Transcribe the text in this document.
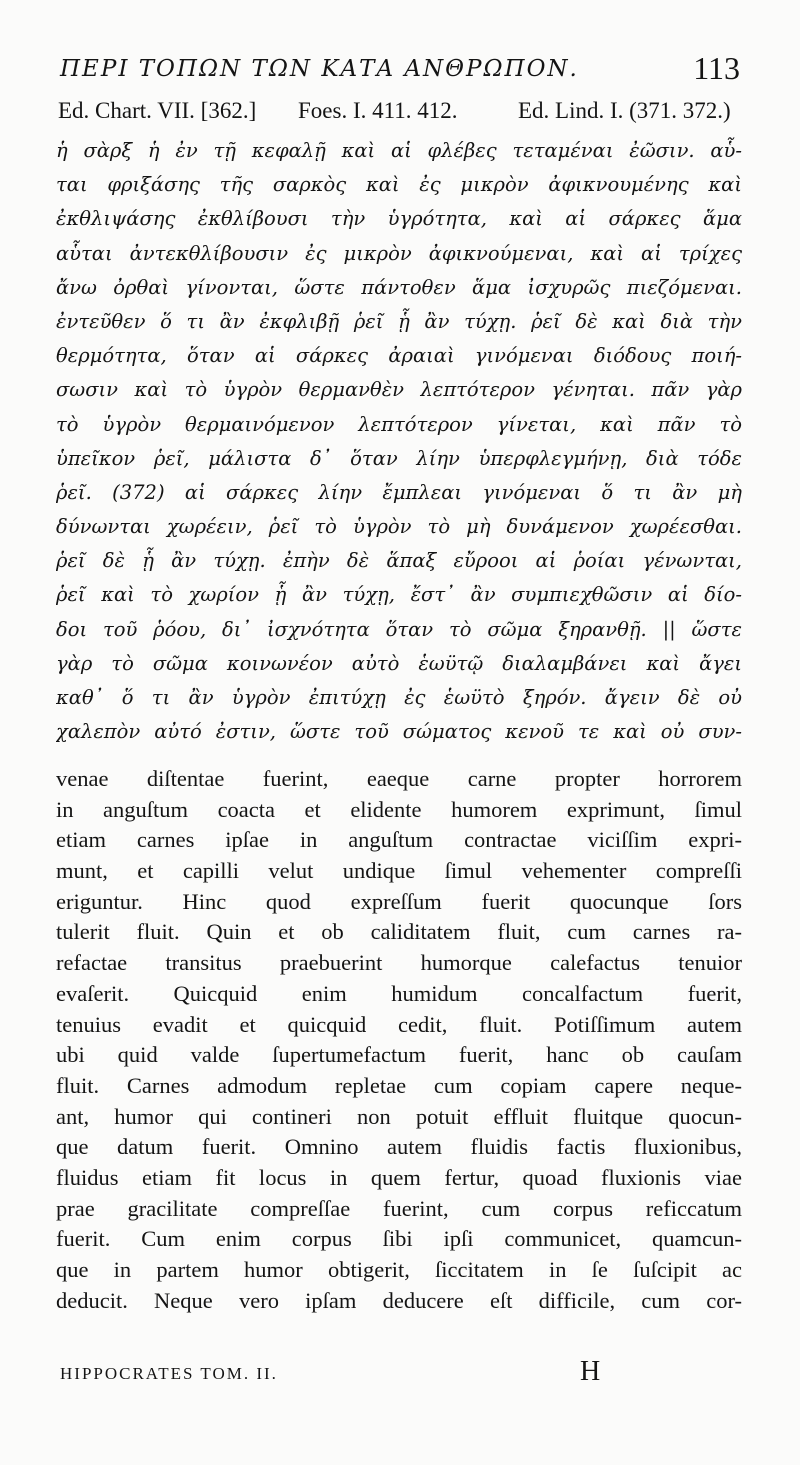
ΠΕΡΙ ΤΟΠΩΝ ΤΩΝ ΚΑΤΑ ΑΝΘΡΩΠΟΝ.	113
Ed. Chart. VII. [362.] Foes. I. 411. 412.	Ed. Lind. I. (371. 372.)
ἡ σὰρξ ἡ ἐν τῇ κεφαλῇ καὶ αἱ φλέβες τεταμέναι ἐῶσιν. αὗ-
ται φριξάσης τῆς σαρκὸς καὶ ἐς μικρὸν ἀφικνουμένης καὶ
ἐκθλιψάσης ἐκθλίβουσι τὴν ὑγρότητα, καὶ αἱ σάρκες ἅμα
αὗται ἀντεκθλίβουσιν ἐς μικρὸν ἀφικνούμεναι, καὶ αἱ τρίχες
ἄνω ὀρθαὶ γίνονται, ὥστε πάντοθεν ἅμα ἰσχυρῶς πιεζόμεναι.
ἐντεῦθεν ὅ τι ἂν ἐκφλιβῇ ῥεῖ ᾗ ἂν τύχῃ. ῥεῖ δὲ καὶ διὰ τὴν
θερμότητα, ὅταν αἱ σάρκες ἀραιαὶ γινόμεναι διόδους ποιή-
σωσιν καὶ τὸ ὑγρὸν θερμανθὲν λεπτότερον γένηται. πᾶν γὰρ
τὸ ὑγρὸν θερμαινόμενον λεπτότερον γίνεται, καὶ πᾶν τὸ
ὑπεῖκον ῥεῖ, μάλιστα δ᾽ ὅταν λίην ὑπερφλεγμήνῃ, διὰ τόδε
ῥεῖ. (372) αἱ σάρκες λίην ἔμπλεαι γινόμεναι ὅ τι ἂν μὴ
δύνωνται χωρέειν, ῥεῖ τὸ ὑγρὸν τὸ μὴ δυνάμενον χωρέεσθαι.
ῥεῖ δὲ ᾗ ἂν τύχῃ. ἐπὴν δὲ ἅπαξ εὔροοι αἱ ῥοίαι γένωνται,
ῥεῖ καὶ τὸ χωρίον ᾗ ἂν τύχῃ, ἔστ᾽ ἂν συμπιεχθῶσιν αἱ δίο-
δοι τοῦ ῥόου, δι᾽ ἰσχνότητα ὅταν τὸ σῶμα ξηρανθῇ. || ὥστε
γὰρ τὸ σῶμα κοινωνέον αὐτὸ ἑωϋτῷ διαλαμβάνει καὶ ἄγει
καθ᾽ ὅ τι ἂν ὑγρὸν ἐπιτύχῃ ἐς ἑωϋτὸ ξηρόν. ἄγειν δὲ οὐ
χαλεπὸν αὐτό ἐστιν, ὥστε τοῦ σώματος κενοῦ τε καὶ οὐ συν-
venae diſtentae fuerint, eaeque carne propter horrorem
in anguſtum coacta et elidente humorem exprimunt, ſimul
etiam carnes ipſae in anguſtum contractae viciſſim expri-
munt, et capilli velut undique ſimul vehementer compreſſi
eriguntur. Hinc quod expreſſum fuerit quocunque ſors
tulerit fluit. Quin et ob caliditatem fluit, cum carnes ra-
refactae transitus praebuerint humorque calefactus tenuior
evaſerit. Quicquid enim humidum concalfactum fuerit,
tenuius evadit et quicquid cedit, fluit. Potiſſimum autem
ubi quid valde ſupertumefactum fuerit, hanc ob cauſam
fluit. Carnes admodum repletae cum copiam capere neque-
ant, humor qui contineri non potuit effluit fluitque quocun-
que datum fuerit. Omnino autem fluidis factis fluxionibus,
fluidus etiam fit locus in quem fertur, quoad fluxionis viae
prae gracilitate compreſſae fuerint, cum corpus reficcatum
fuerit. Cum enim corpus ſibi ipſi communicet, quamcun-
que in partem humor obtigerit, ſiccitatem in ſe ſuſcipit ac
deducit. Neque vero ipſam deducere eſt difficile, cum cor-
HIPPOCRATES TOM. II.	H
